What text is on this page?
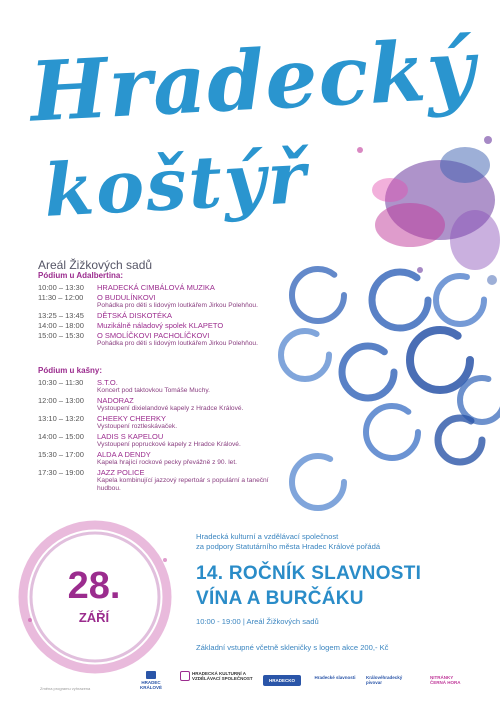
Hradecký
koštýř
Areál Žižkových sadů
Pódium u Adalbertina:
10:00 – 13:30	HRADECKÁ CIMBÁLOVÁ MUZIKA
11:30 – 12:00	O BUDULÍNKOVI
Pohádka pro děti s lidovým loutkářem Jirkou Polehňou.
13:25 – 13:45	DĚTSKÁ DISKOTÉKA
14:00 – 18:00	Muzikálně náladový spolek KLAPETO
15:00 – 15:30	O SMOLÍČKOVI PACHOLÍČKOVI
Pohádka pro děti s lidovým loutkářem Jirkou Polehňou.
Pódium u kašny:
10:30 – 11:30	S.T.O.
Koncert pod taktovkou Tomáše Muchy.
12:00 – 13:00	NADORAZ
Vystoupení dixielandové kapely z Hradce Králové.
13:10 – 13:20	CHEEKY CHEERKY
Vystoupení roztleskávaček.
14:00 – 15:00	LADIS S KAPELOU
Vystoupení popruckové kapely z Hradce Králové.
15:30 – 17:00	ALDA A DENDY
Kapela hrající rockové pecky převážně z 90. let.
17:30 – 19:00	JAZZ POLICE
Kapela kombinující jazzový repertoár s populární a taneční hudbou.
Hradecká kulturní a vzdělávací společnost
za podpory Statutárního města Hradec Králové pořádá
14. ROČNÍK SLAVNOSTI
VÍNA A BURČÁKU
10:00 - 19:00 | Areál Žižkových sadů
Základní vstupné včetně skleničky s logem akce 200,- Kč
28.
ZÁŘÍ
Změna programu vyhrazena
HRADEC KRÁLOVÉ
HRADECKÁ KULTURNÍ A VZDĚLÁVACÍ SPOLEČNOST	HRADECKO
Hradecké slavnosti	Královéhradecký pivovar
NITRÁNKY ČERNÁ HORA
